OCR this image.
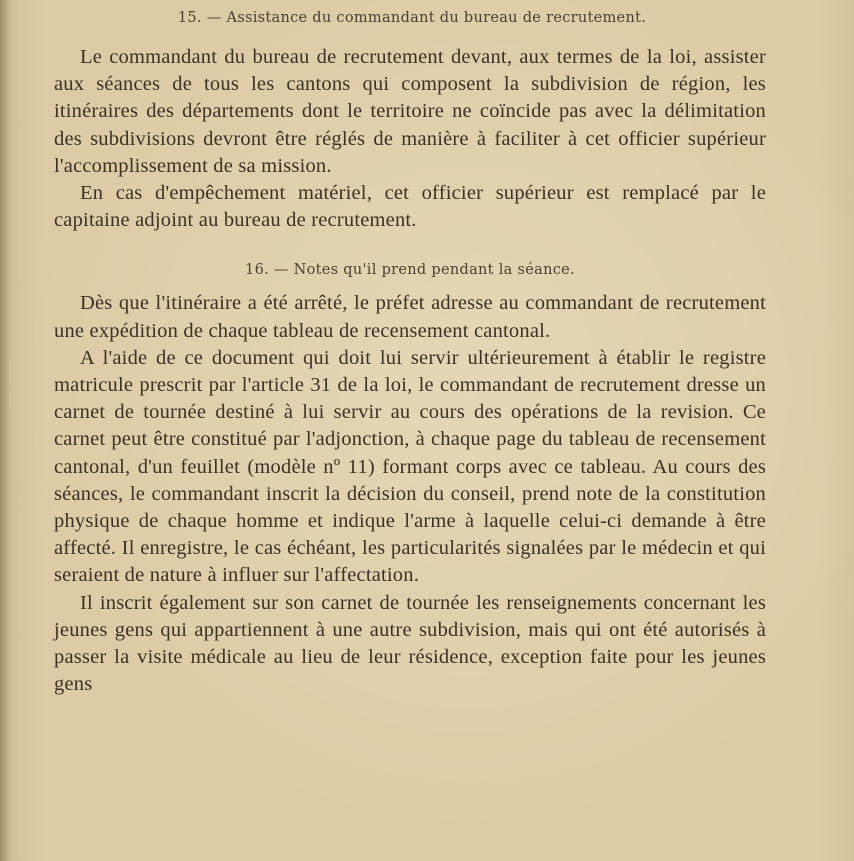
15. — Assistance du commandant du bureau de recrutement.

Le commandant du bureau de recrutement devant, aux termes de la loi, assister aux séances de tous les cantons qui composent la subdivision de région, les itinéraires des départements dont le territoire ne coïncide pas avec la délimitation des subdivisions devront être réglés de manière à faciliter à cet officier supérieur l'accomplissement de sa mission.

En cas d'empêchement matériel, cet officier supérieur est remplacé par le capitaine adjoint au bureau de recrutement.

16. — Notes qu'il prend pendant la séance.

Dès que l'itinéraire a été arrêté, le préfet adresse au commandant de recrutement une expédition de chaque tableau de recensement cantonal.

A l'aide de ce document qui doit lui servir ultérieurement à établir le registre matricule prescrit par l'article 31 de la loi, le commandant de recrutement dresse un carnet de tournée destiné à lui servir au cours des opérations de la revision. Ce carnet peut être constitué par l'adjonction, à chaque page du tableau de recensement cantonal, d'un feuillet (modèle nº 11) formant corps avec ce tableau. Au cours des séances, le commandant inscrit la décision du conseil, prend note de la constitution physique de chaque homme et indique l'arme à laquelle celui-ci demande à être affecté. Il enregistre, le cas échéant, les particularités signalées par le médecin et qui seraient de nature à influer sur l'affectation.

Il inscrit également sur son carnet de tournée les renseignements concernant les jeunes gens qui appartiennent à une autre subdivision, mais qui ont été autorisés à passer la visite médicale au lieu de leur résidence, exception faite pour les jeunes gens
